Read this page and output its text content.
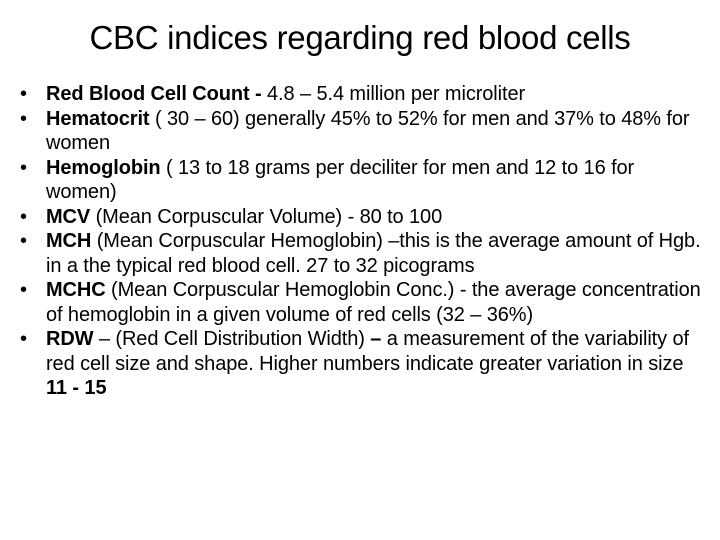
CBC indices regarding red blood cells
• Red Blood Cell Count - 4.8 – 5.4 million per microliter
• Hematocrit ( 30 – 60) generally 45% to 52% for men and 37% to 48% for women
• Hemoglobin ( 13 to 18 grams per deciliter for men and 12 to 16 for women)
• MCV (Mean Corpuscular Volume) - 80 to 100
• MCH (Mean Corpuscular Hemoglobin) –this is the average amount of Hgb. in a the typical red blood cell. 27 to 32 picograms
• MCHC (Mean Corpuscular Hemoglobin Conc.) - the average concentration of hemoglobin in a given volume of red cells (32 – 36%)
• RDW – (Red Cell Distribution Width) – a measurement of the variability of red cell size and shape. Higher numbers indicate greater variation in size    11 - 15
